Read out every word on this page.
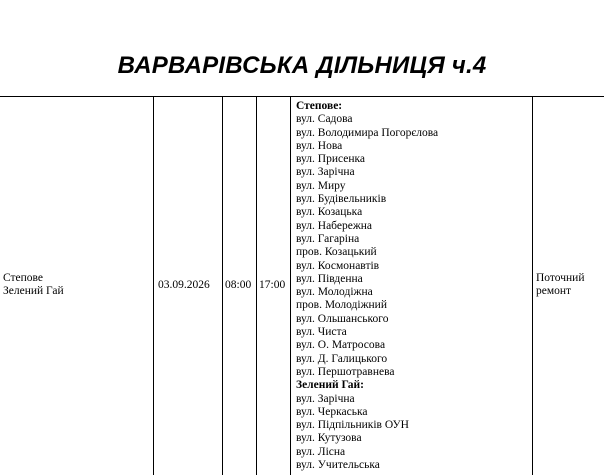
ВАРВАРІВСЬКА ДІЛЬНИЦЯ ч.4
Степове
Зелений Гай
03.09.2026 08:00 17:00
Степове:
вул. Садова
вул. Володимира Погорєлова
вул. Нова
вул. Присенка
вул. Зарічна
вул. Миру
вул. Будівельників
вул. Козацька
вул. Набережна
вул. Гагаріна
пров. Козацький
вул. Космонавтів
вул. Південна
вул. Молодіжна
пров. Молодіжний
вул. Ольшанського
вул. Чиста
вул. О. Матросова
вул. Д. Галицького
вул. Першотравнева
Зелений Гай:
вул. Зарічна
вул. Черкаська
вул. Підпільників ОУН
вул. Кутузова
вул. Лісна
вул. Учительська
Поточний
ремонт
